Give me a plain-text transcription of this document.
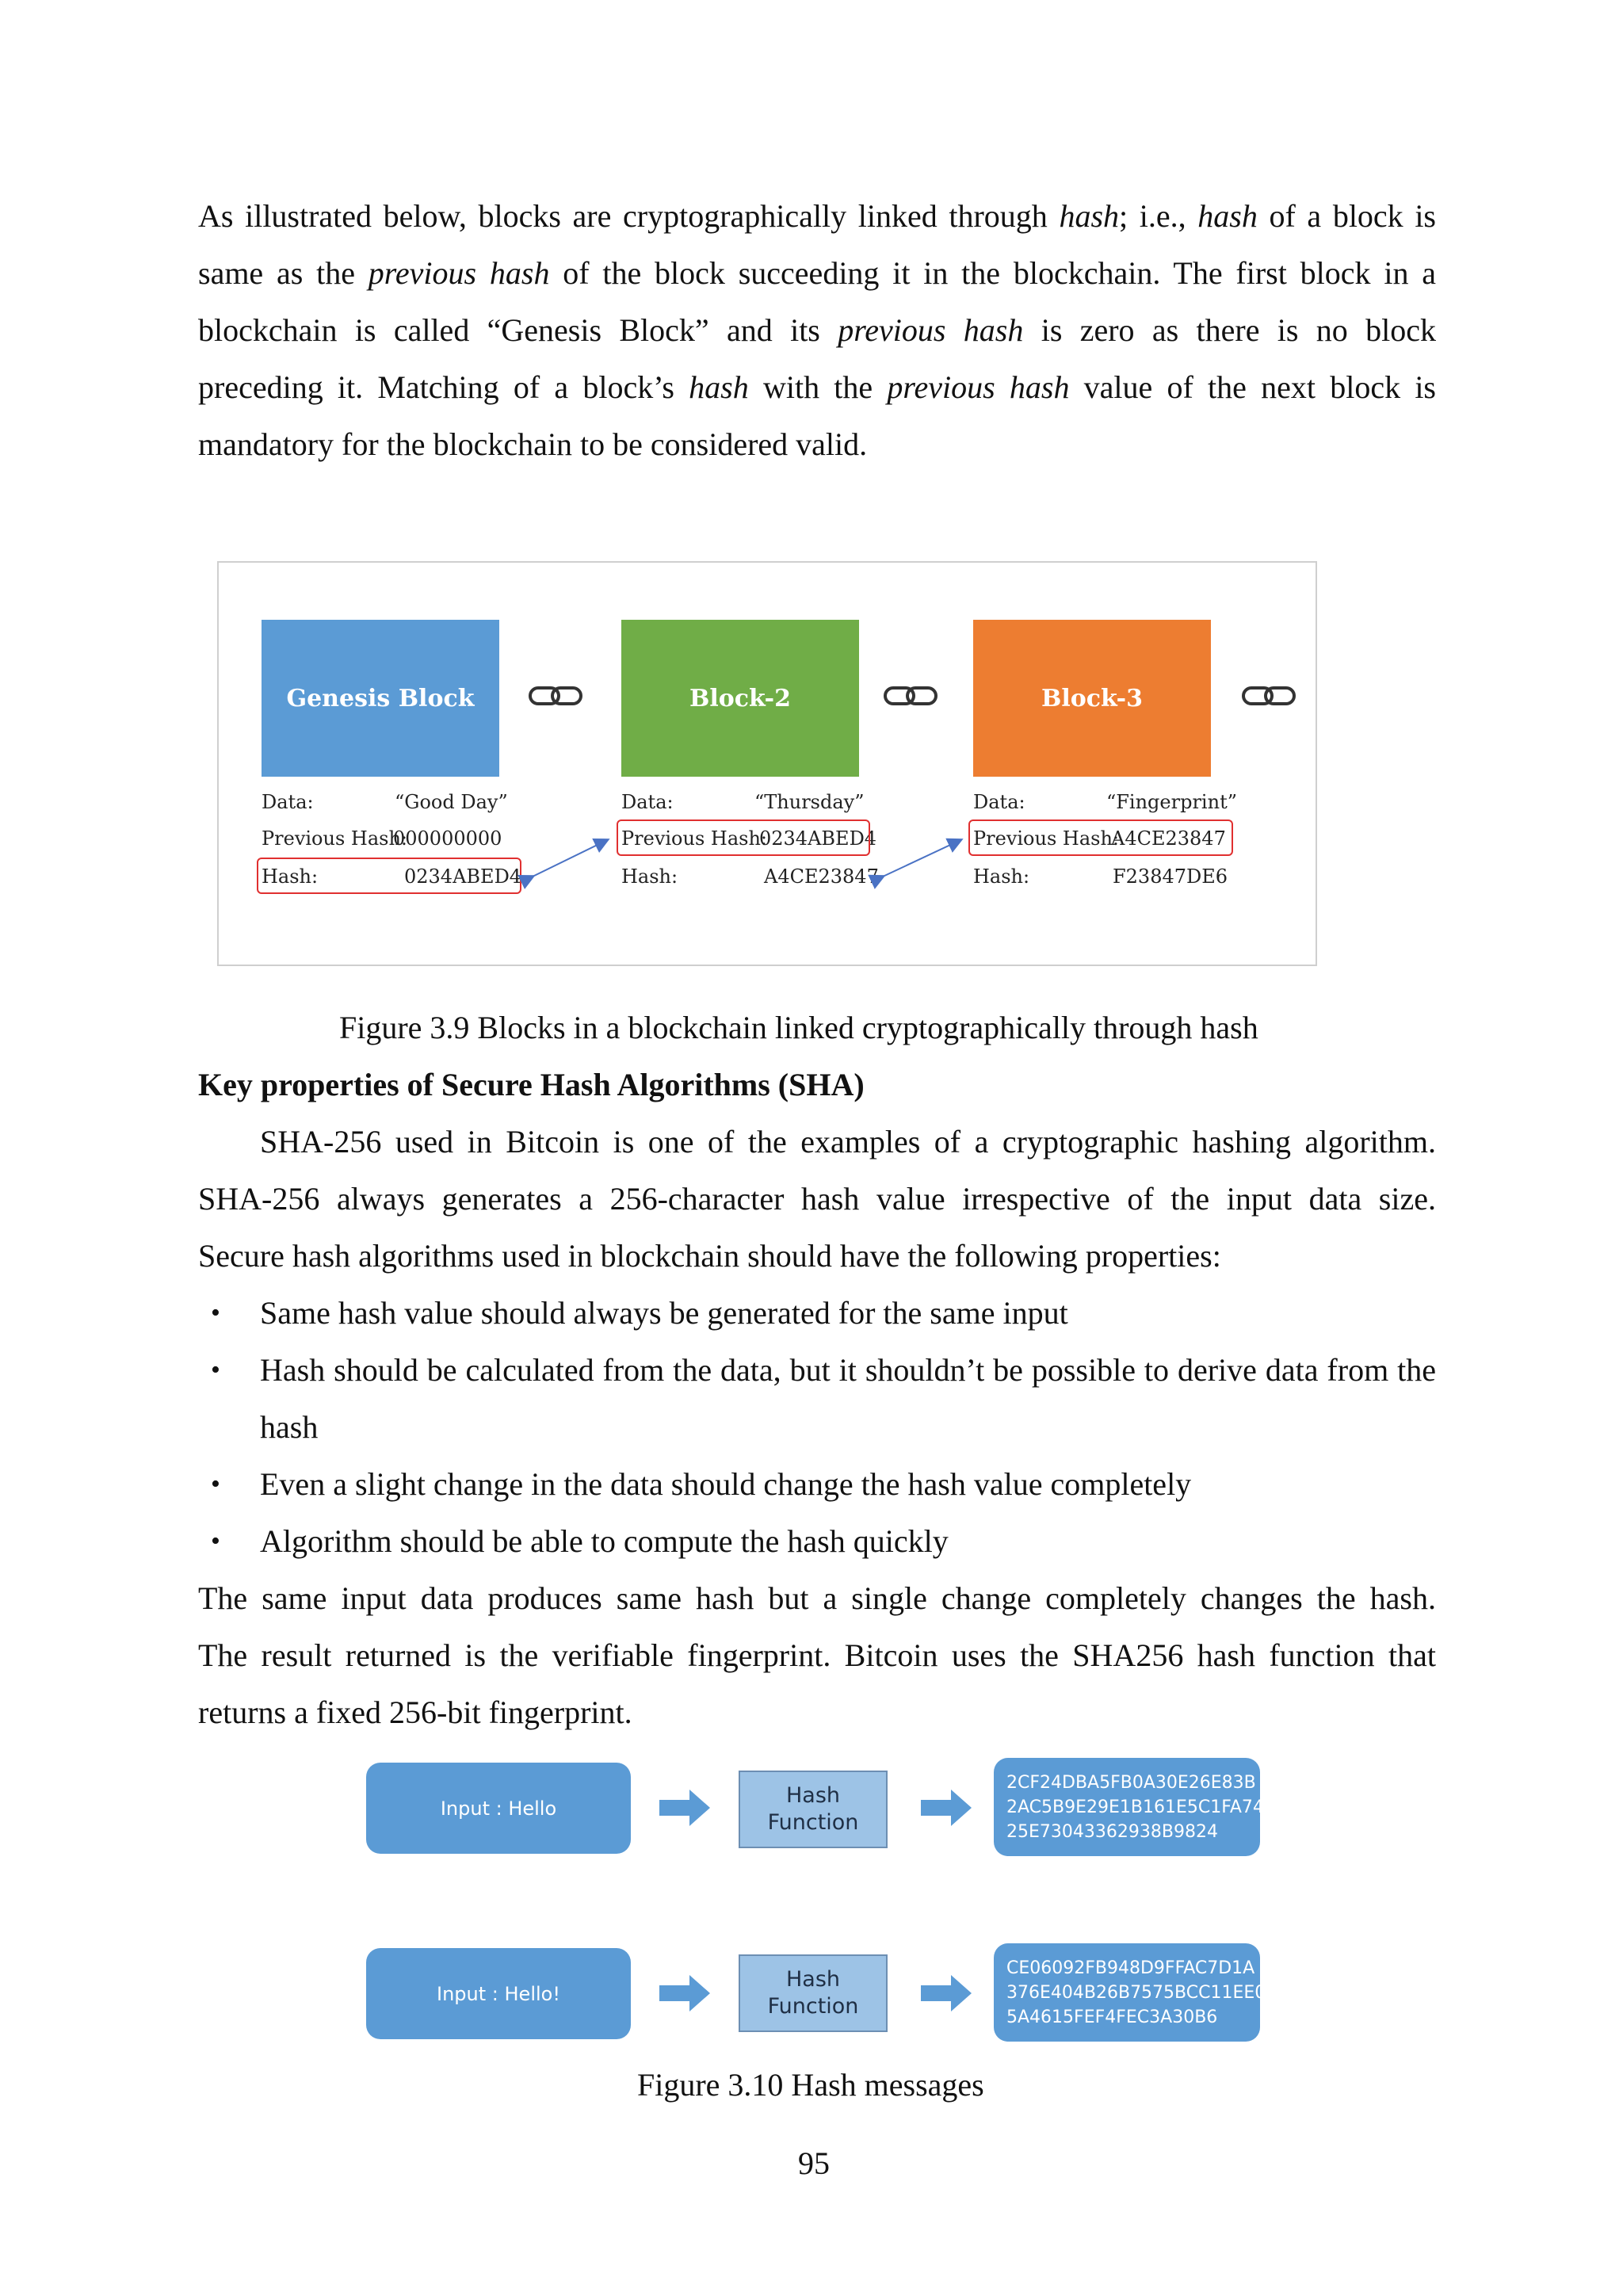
As illustrated below, blocks are cryptographically linked through hash; i.e., hash of a block is

same as the previous hash of the block succeeding it in the blockchain. The first block in a

blockchain is called “Genesis Block” and its previous hash is zero as there is no block

preceding it. Matching of a block’s hash with the previous hash value of the next block is

mandatory for the blockchain to be considered valid.

Genesis Block	Block-2	Block-3
Data:	“Good Day”
Previous Hash:
000000000
Hash:	0234ABED4
Data:	“Thursday”
Previous Hash:
0234ABED4
Hash:	A4CE23847
Data:	“Fingerprint”
Previous Hash:
A4CE23847
Hash:	F23847DE6

Figure 3.9 Blocks in a blockchain linked cryptographically through hash

Key properties of Secure Hash Algorithms (SHA)

SHA-256 used in Bitcoin is one of the examples of a cryptographic hashing algorithm.

SHA-256 always generates a 256-character hash value irrespective of the input data size.

Secure hash algorithms used in blockchain should have the following properties:

• Same hash value should always be generated for the same input

• Hash should be calculated from the data, but it shouldn’t be possible to derive data from the hash

• Even a slight change in the data should change the hash value completely

• Algorithm should be able to compute the hash quickly

The same input data produces same hash but a single change completely changes the hash.

The result returned is the verifiable fingerprint. Bitcoin uses the SHA256 hash function that

returns a fixed 256-bit fingerprint.

Input : Hello
Hash
Function
2CF24DBA5FB0A30E26E83B
2AC5B9E29E1B161E5C1FA74
25E73043362938B9824
Input : Hello!
Hash
Function
CE06092FB948D9FFAC7D1A
376E404B26B7575BCC11EE0
5A4615FEF4FEC3A30B6

Figure 3.10 Hash messages

95
